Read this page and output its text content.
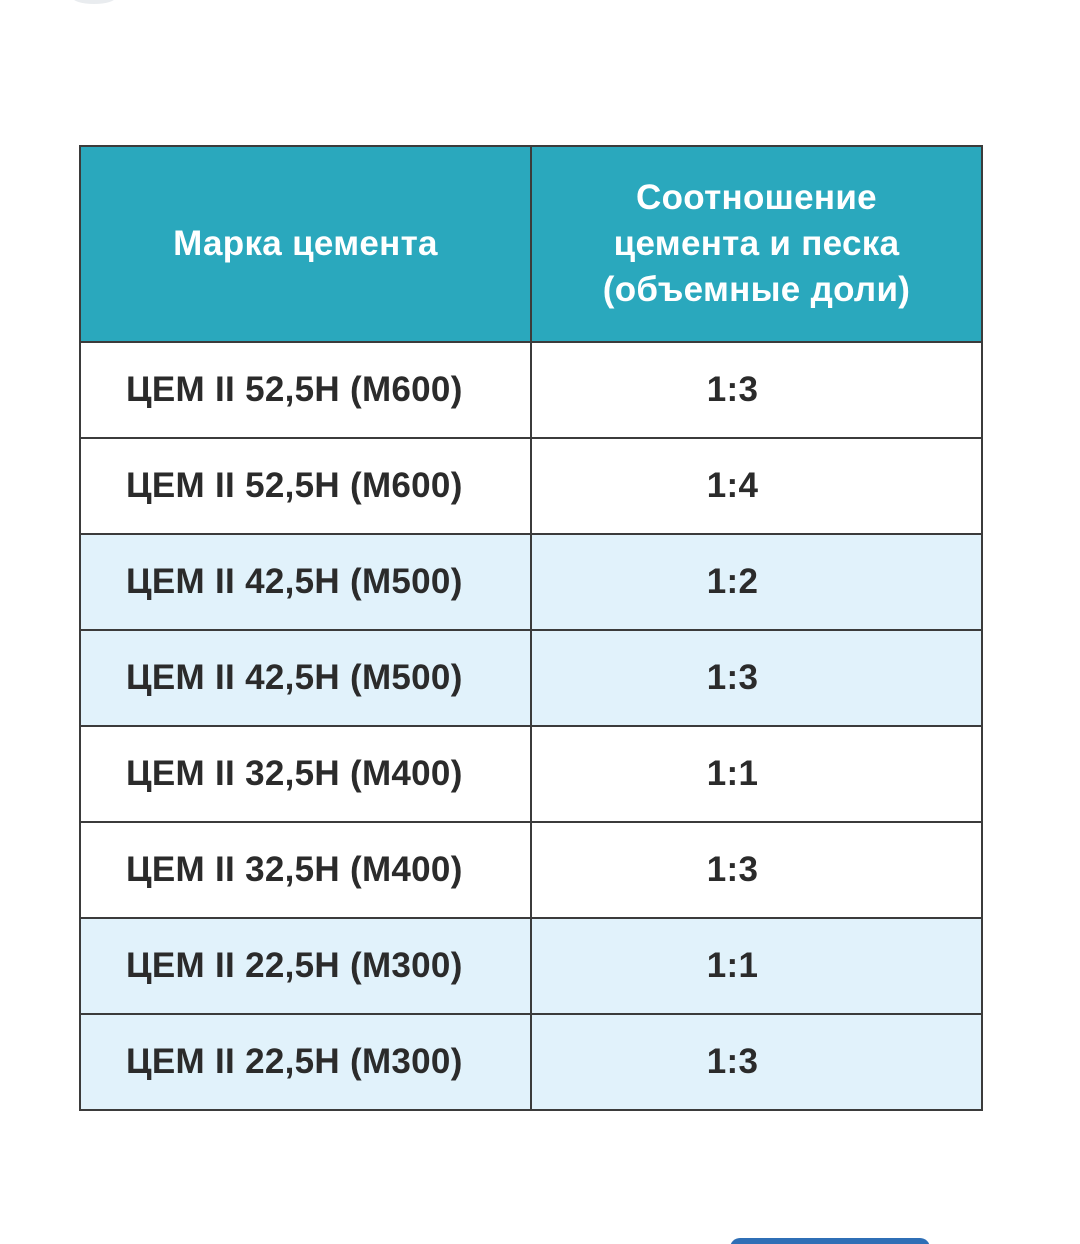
Марка цемента	Соотношение цемента и песка (объемные доли)
ЦЕМ II 52,5Н (М600)	1:3
ЦЕМ II 52,5Н (М600)	1:4
ЦЕМ II 42,5Н (М500)	1:2
ЦЕМ II 42,5Н (М500)	1:3
ЦЕМ II 32,5Н (М400)	1:1
ЦЕМ II 32,5Н (М400)	1:3
ЦЕМ II 22,5Н (М300)	1:1
ЦЕМ II 22,5Н (М300)	1:3
